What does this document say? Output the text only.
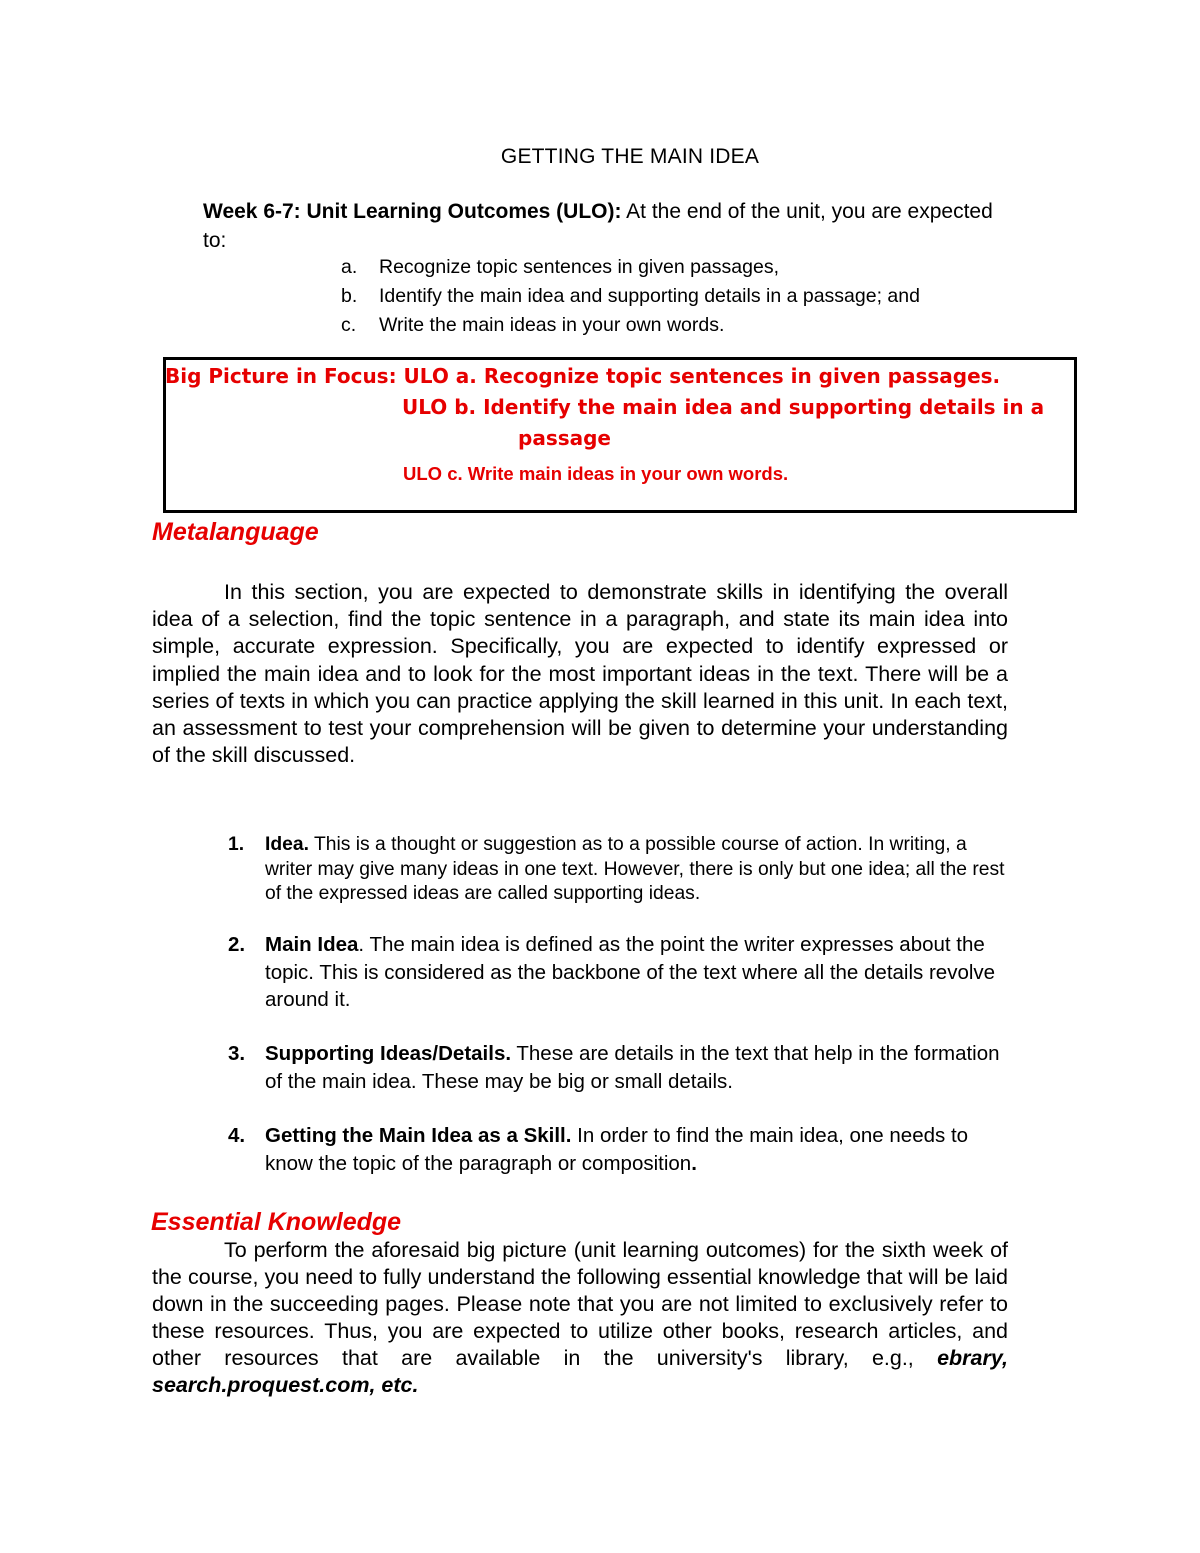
GETTING THE MAIN IDEA

Week 6-7: Unit Learning Outcomes (ULO): At the end of the unit, you are expected to:

a.	Recognize topic sentences in given passages,
b.	Identify the main idea and supporting details in a passage; and
c.	Write the main ideas in your own words.
Big Picture in Focus: ULO a. Recognize topic sentences in given passages.
ULO b. Identify the main idea and supporting details in a
passage
ULO c. Write main ideas in your own words.
Metalanguage

In this section, you are expected to demonstrate skills in identifying the overall idea of a selection, find the topic sentence in a paragraph, and state its main idea into simple, accurate expression. Specifically, you are expected to identify expressed or implied the main idea and to look for the most important ideas in the text. There will be a series of texts in which you can practice applying the skill learned in this unit. In each text, an assessment to test your comprehension will be given to determine your understanding of the skill discussed.

1.	Idea. This is a thought or suggestion as to a possible course of action. In writing, a writer may give many ideas in one text. However, there is only but one idea; all the rest of the expressed ideas are called supporting ideas.
2. Main Idea. The main idea is defined as the point the writer expresses about the topic. This is considered as the backbone of the text where all the details revolve around it.
3. Supporting Ideas/Details. These are details in the text that help in the formation of the main idea. These may be big or small details.
4. Getting the Main Idea as a Skill. In order to find the main idea, one needs to know the topic of the paragraph or composition.
Essential Knowledge

To perform the aforesaid big picture (unit learning outcomes) for the sixth week of the course, you need to fully understand the following essential knowledge that will be laid down in the succeeding pages. Please note that you are not limited to exclusively refer to these resources. Thus, you are expected to utilize other books, research articles, and other resources that are available in the university's library, e.g., ebrary, search.proquest.com, etc.
